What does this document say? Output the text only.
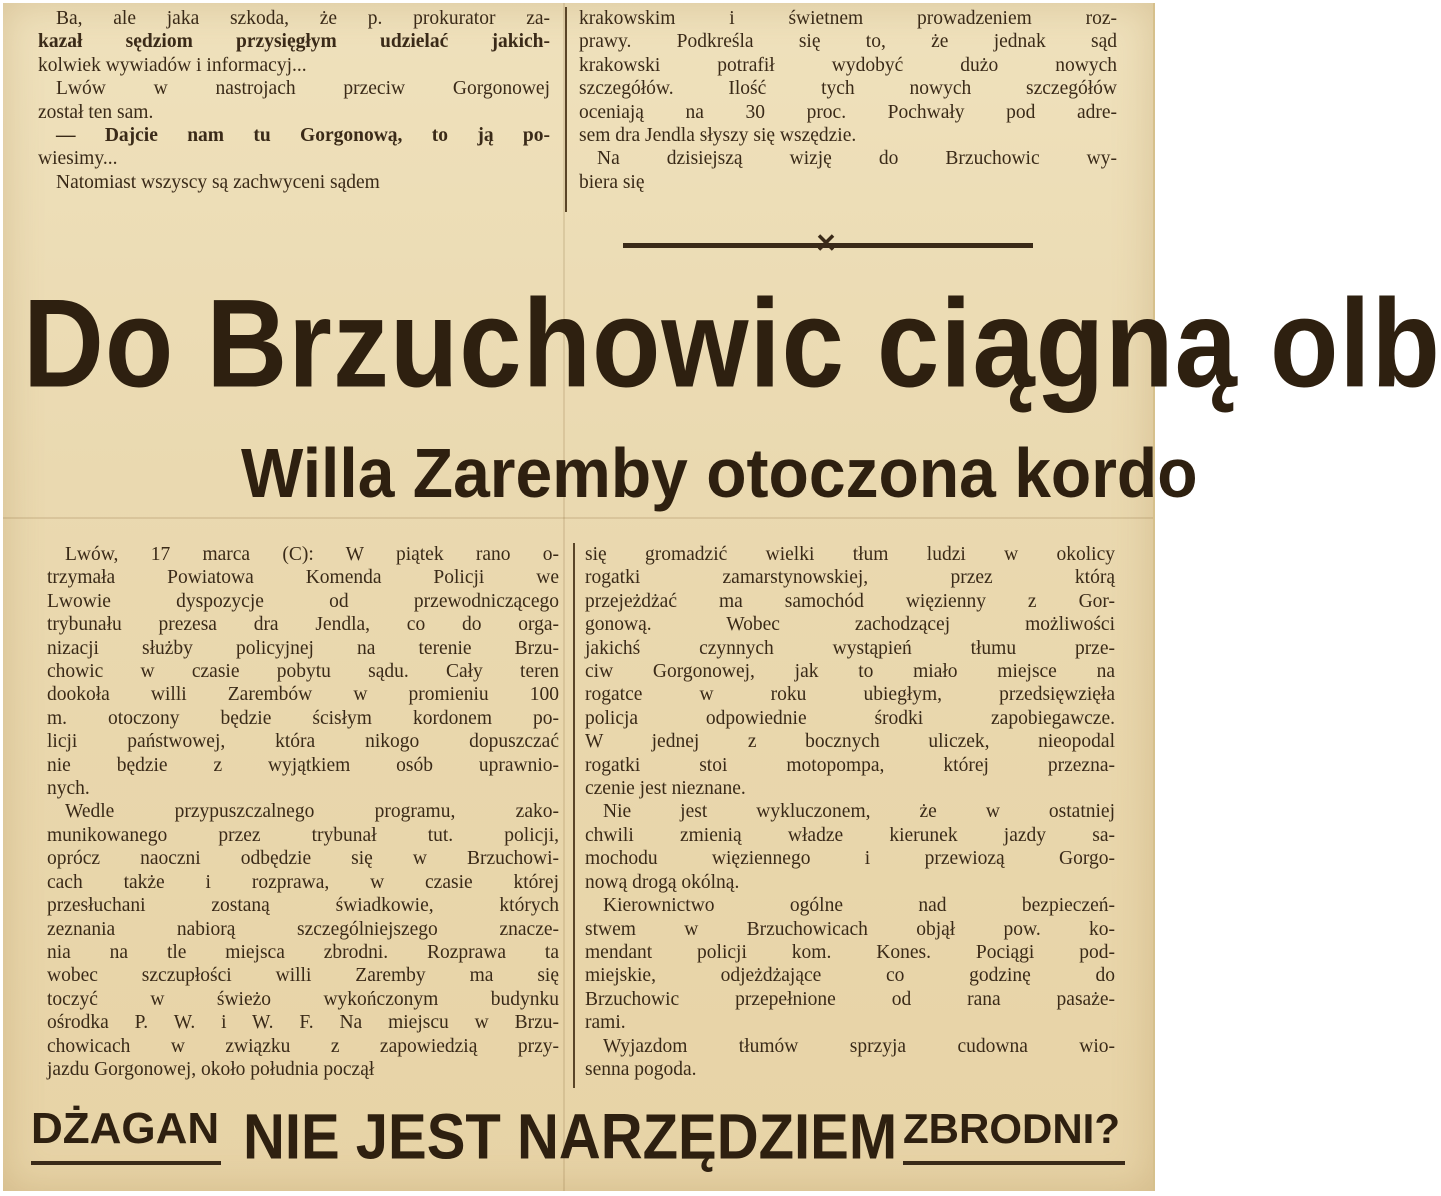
Ba, ale jaka szkoda, że p. prokurator za-
kazał sędziom przysięgłym udzielać jakich-
kolwiek wywiadów i informacyj...
Lwów w nastrojach przeciw Gorgonowej
został ten sam.
— Dajcie nam tu Gorgonową, to ją po-
wiesimy...
Natomiast wszyscy są zachwyceni sądem
krakowskim i świetnem prowadzeniem roz-
prawy. Podkreśla się to, że jednak sąd
krakowski potrafił wydobyć dużo nowych
szczegółów. Ilość tych nowych szczegółów
oceniają na 30 proc. Pochwały pod adre-
sem dra Jendla słyszy się wszędzie.
Na dzisiejszą wizję do Brzuchowic wy-
biera się
✕
Do Brzuchowic ciągną olb
Willa Zaremby otoczona kordo
Lwów, 17 marca (C): W piątek rano o-
trzymała Powiatowa Komenda Policji we
Lwowie dyspozycje od przewodniczącego
trybunału prezesa dra Jendla, co do orga-
nizacji służby policyjnej na terenie Brzu-
chowic w czasie pobytu sądu. Cały teren
dookoła willi Zarembów w promieniu 100
m. otoczony będzie ścisłym kordonem po-
licji państwowej, która nikogo dopuszczać
nie będzie z wyjątkiem osób uprawnio-
nych.
Wedle przypuszczalnego programu, zako-
munikowanego przez trybunał tut. policji,
oprócz naoczni odbędzie się w Brzuchowi-
cach także i rozprawa, w czasie której
przesłuchani zostaną świadkowie, których
zeznania nabiorą szczególniejszego znacze-
nia na tle miejsca zbrodni. Rozprawa ta
wobec szczupłości willi Zaremby ma się
toczyć w świeżo wykończonym budynku
ośrodka P. W. i W. F. Na miejscu w Brzu-
chowicach w związku z zapowiedzią przy-
jazdu Gorgonowej, około południa począł
się gromadzić wielki tłum ludzi w okolicy
rogatki zamarstynowskiej, przez którą
przejeżdżać ma samochód więzienny z Gor-
gonową. Wobec zachodzącej możliwości
jakichś czynnych wystąpień tłumu prze-
ciw Gorgonowej, jak to miało miejsce na
rogatce w roku ubiegłym, przedsięwzięła
policja odpowiednie środki zapobiegawcze.
W jednej z bocznych uliczek, nieopodal
rogatki stoi motopompa, której przezna-
czenie jest nieznane.
Nie jest wykluczonem, że w ostatniej
chwili zmienią władze kierunek jazdy sa-
mochodu więziennego i przewiozą Gorgo-
nową drogą okólną.
Kierownictwo ogólne nad bezpieczeń-
stwem w Brzuchowicach objął pow. ko-
mendant policji kom. Kones. Pociągi pod-
miejskie, odjeżdżające co godzinę do
Brzuchowic przepełnione od rana pasaże-
rami.
Wyjazdom tłumów sprzyja cudowna wio-
senna pogoda.
DŻAGAN NIE JEST NARZĘDZIEM ZBRODNI?
